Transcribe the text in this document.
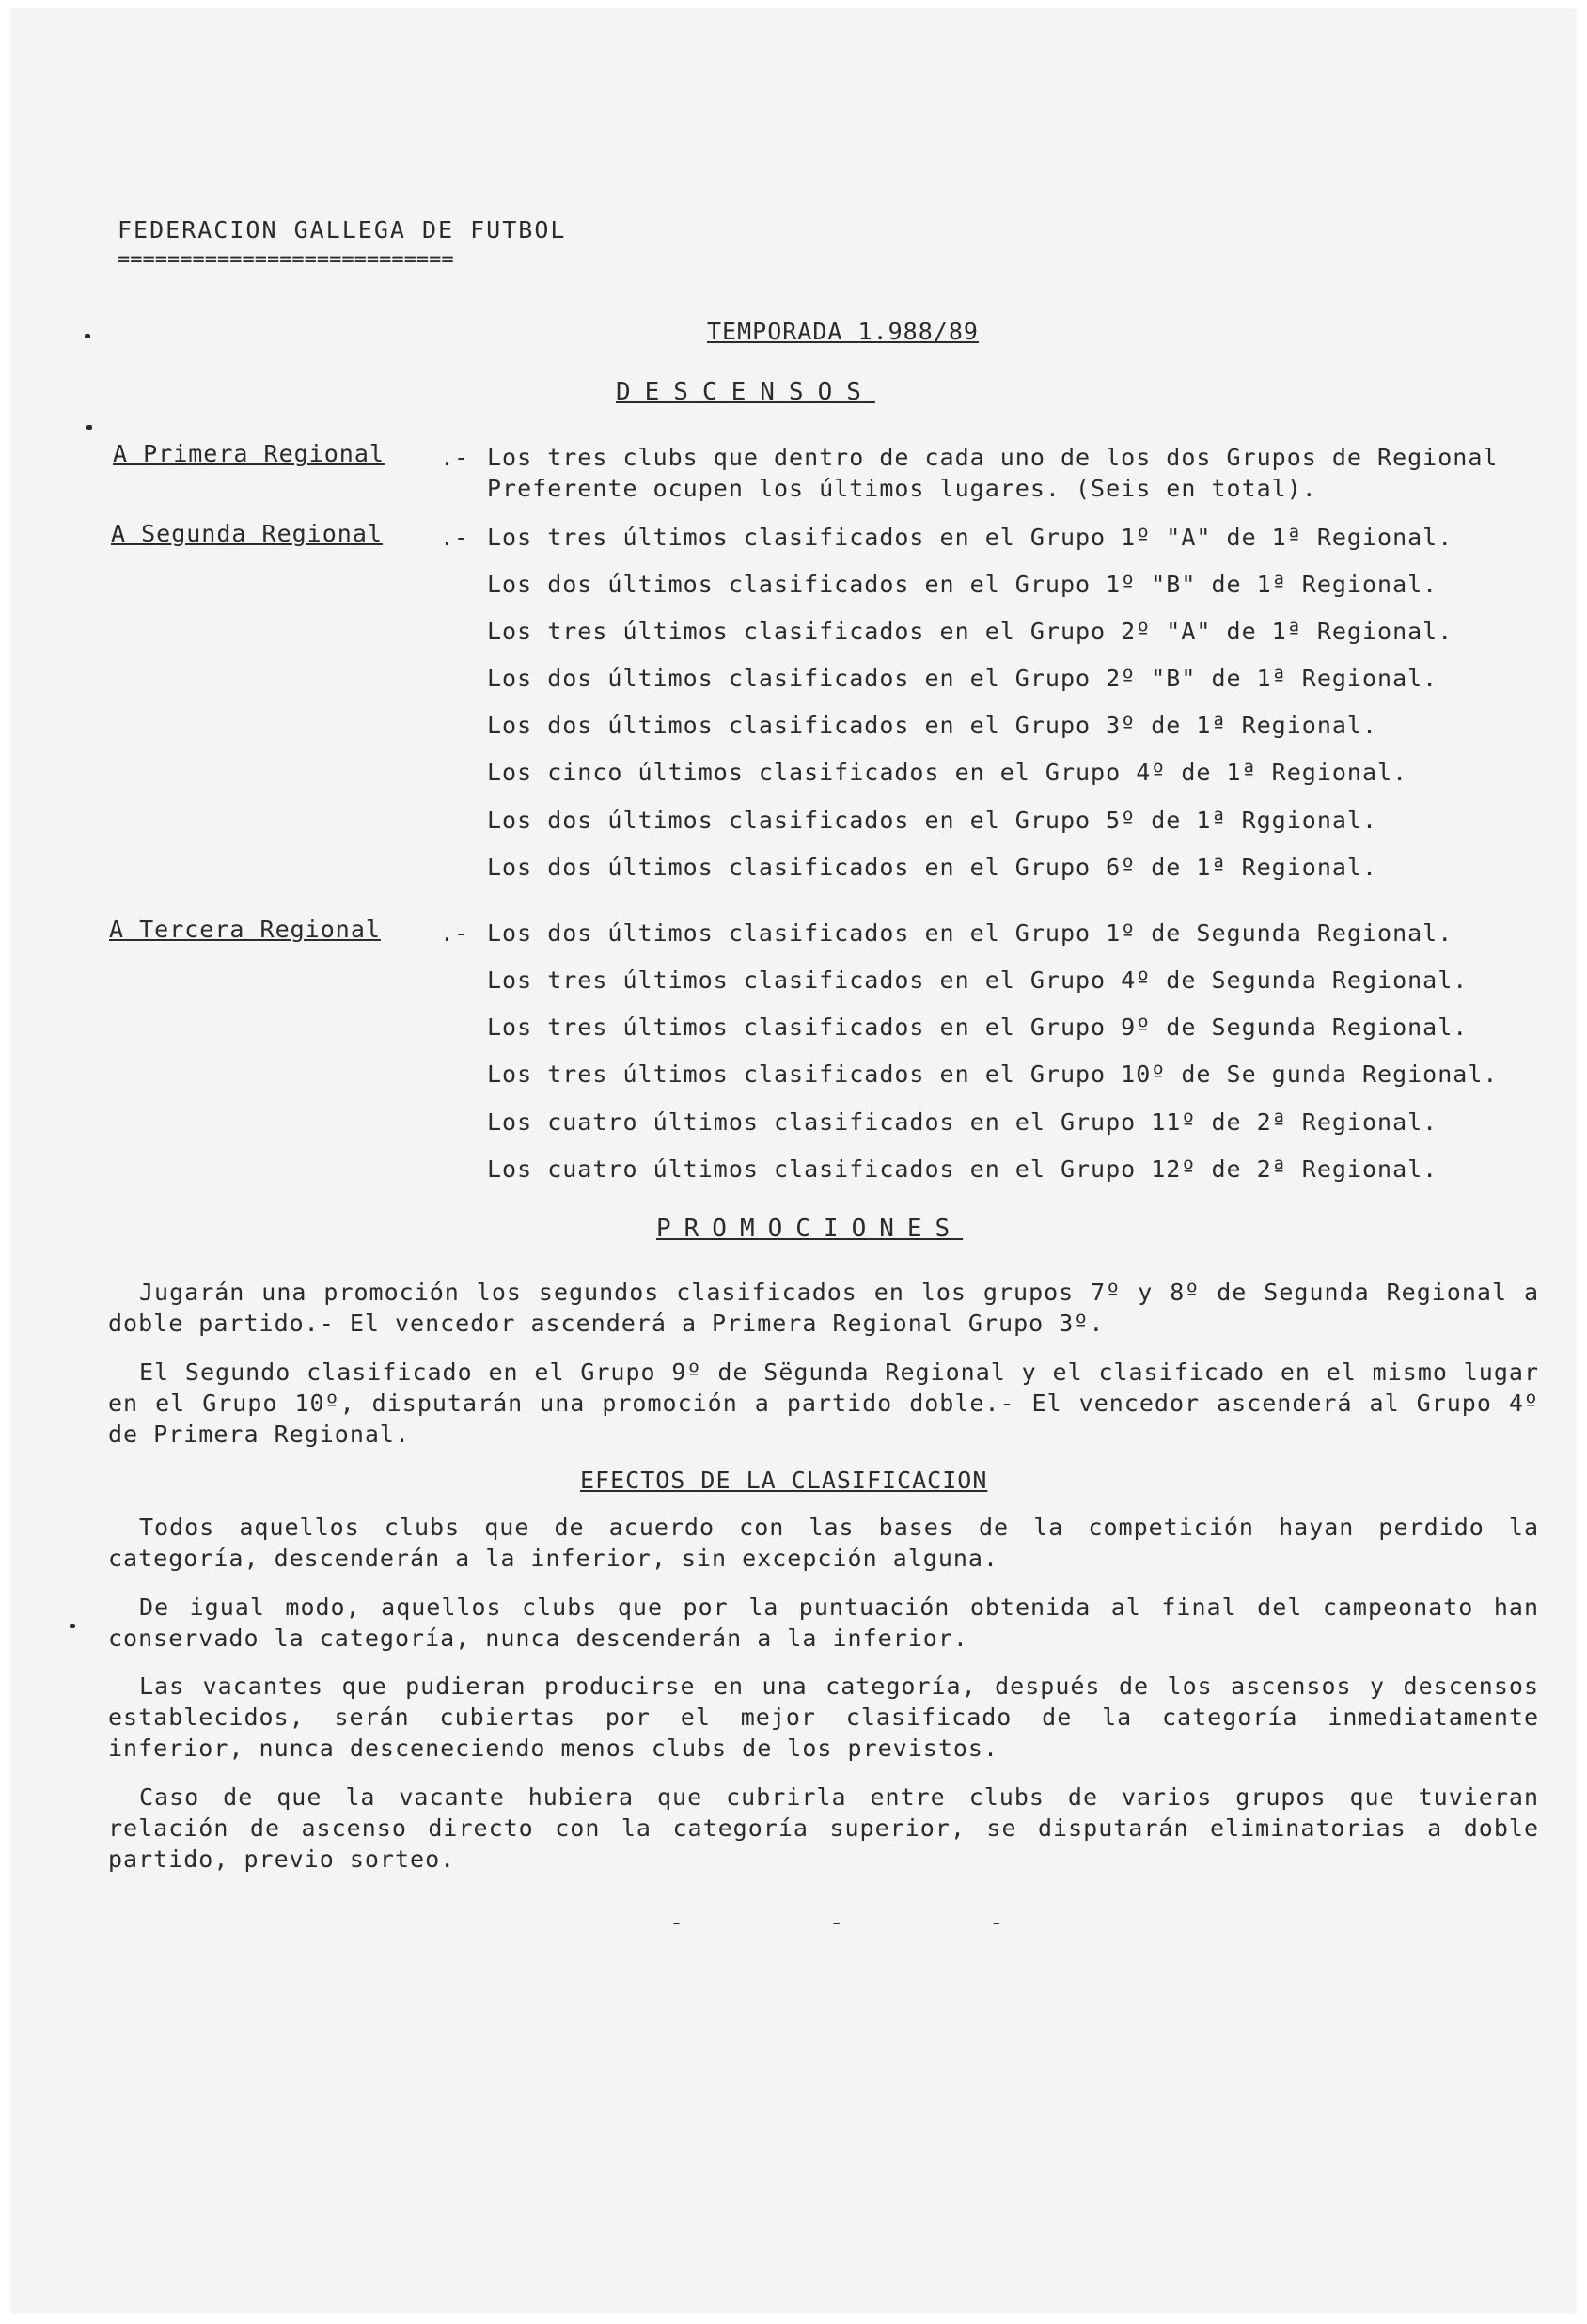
FEDERACION GALLEGA DE FUTBOL
===========================
TEMPORADA 1.988/89
DESCENSOS
A Primera Regional .- Los tres clubs que dentro de cada uno de los dos Grupos de Regional
Preferente ocupen los últimos lugares. (Seis en total).
A Segunda Regional .- Los tres últimos clasificados en el Grupo 1º "A" de 1ª Regional.
Los dos últimos clasificados en el Grupo 1º "B" de 1ª Regional.
Los tres últimos clasificados en el Grupo 2º "A" de 1ª Regional.
Los dos últimos clasificados en el Grupo 2º "B" de 1ª Regional.
Los dos últimos clasificados en el Grupo 3º de 1ª Regional.
Los cinco últimos clasificados en el Grupo 4º de 1ª Regional.
Los dos últimos clasificados en el Grupo 5º de 1ª Rggional.
Los dos últimos clasificados en el Grupo 6º de 1ª Regional.
A Tercera Regional	.- Los dos últimos clasificados en el Grupo 1º de Segunda Regional.
Los tres últimos clasificados en el Grupo 4º de Segunda Regional.
Los tres últimos clasificados en el Grupo 9º de Segunda Regional.
Los tres últimos clasificados en el Grupo 10º de Se gunda Regional.
Los cuatro últimos clasificados en el Grupo 11º de 2ª Regional.
Los cuatro últimos clasificados en el Grupo 12º de 2ª Regional.
PROMOCIONES
Jugarán una promoción los segundos clasificados en los grupos 7º y 8º de Segunda Regional a doble partido.- El vencedor ascenderá a Primera Regional Grupo 3º.
El Segundo clasificado en el Grupo 9º de Sëgunda Regional y el clasificado en el mismo lugar en el Grupo 10º, disputarán una promoción a partido doble.- El vencedor ascenderá al Grupo 4º de Primera Regional.
EFECTOS DE LA CLASIFICACION
Todos aquellos clubs que de acuerdo con las bases de la competición hayan perdido la categoría, descenderán a la inferior, sin excepción alguna.
De igual modo, aquellos clubs que por la puntuación obtenida al final del campeonato han conservado la categoría, nunca descenderán a la inferior.
Las vacantes que pudieran producirse en una categoría, después de los ascensos y descensos establecidos, serán cubiertas por el mejor clasificado de la categoría inmediatamente inferior, nunca desceneciendo menos clubs de los previstos.
Caso de que la vacante hubiera que cubrirla entre clubs de varios grupos que tuvieran relación de ascenso directo con la categoría superior, se disputarán eliminatorias a doble partido, previo sorteo.
- - -
